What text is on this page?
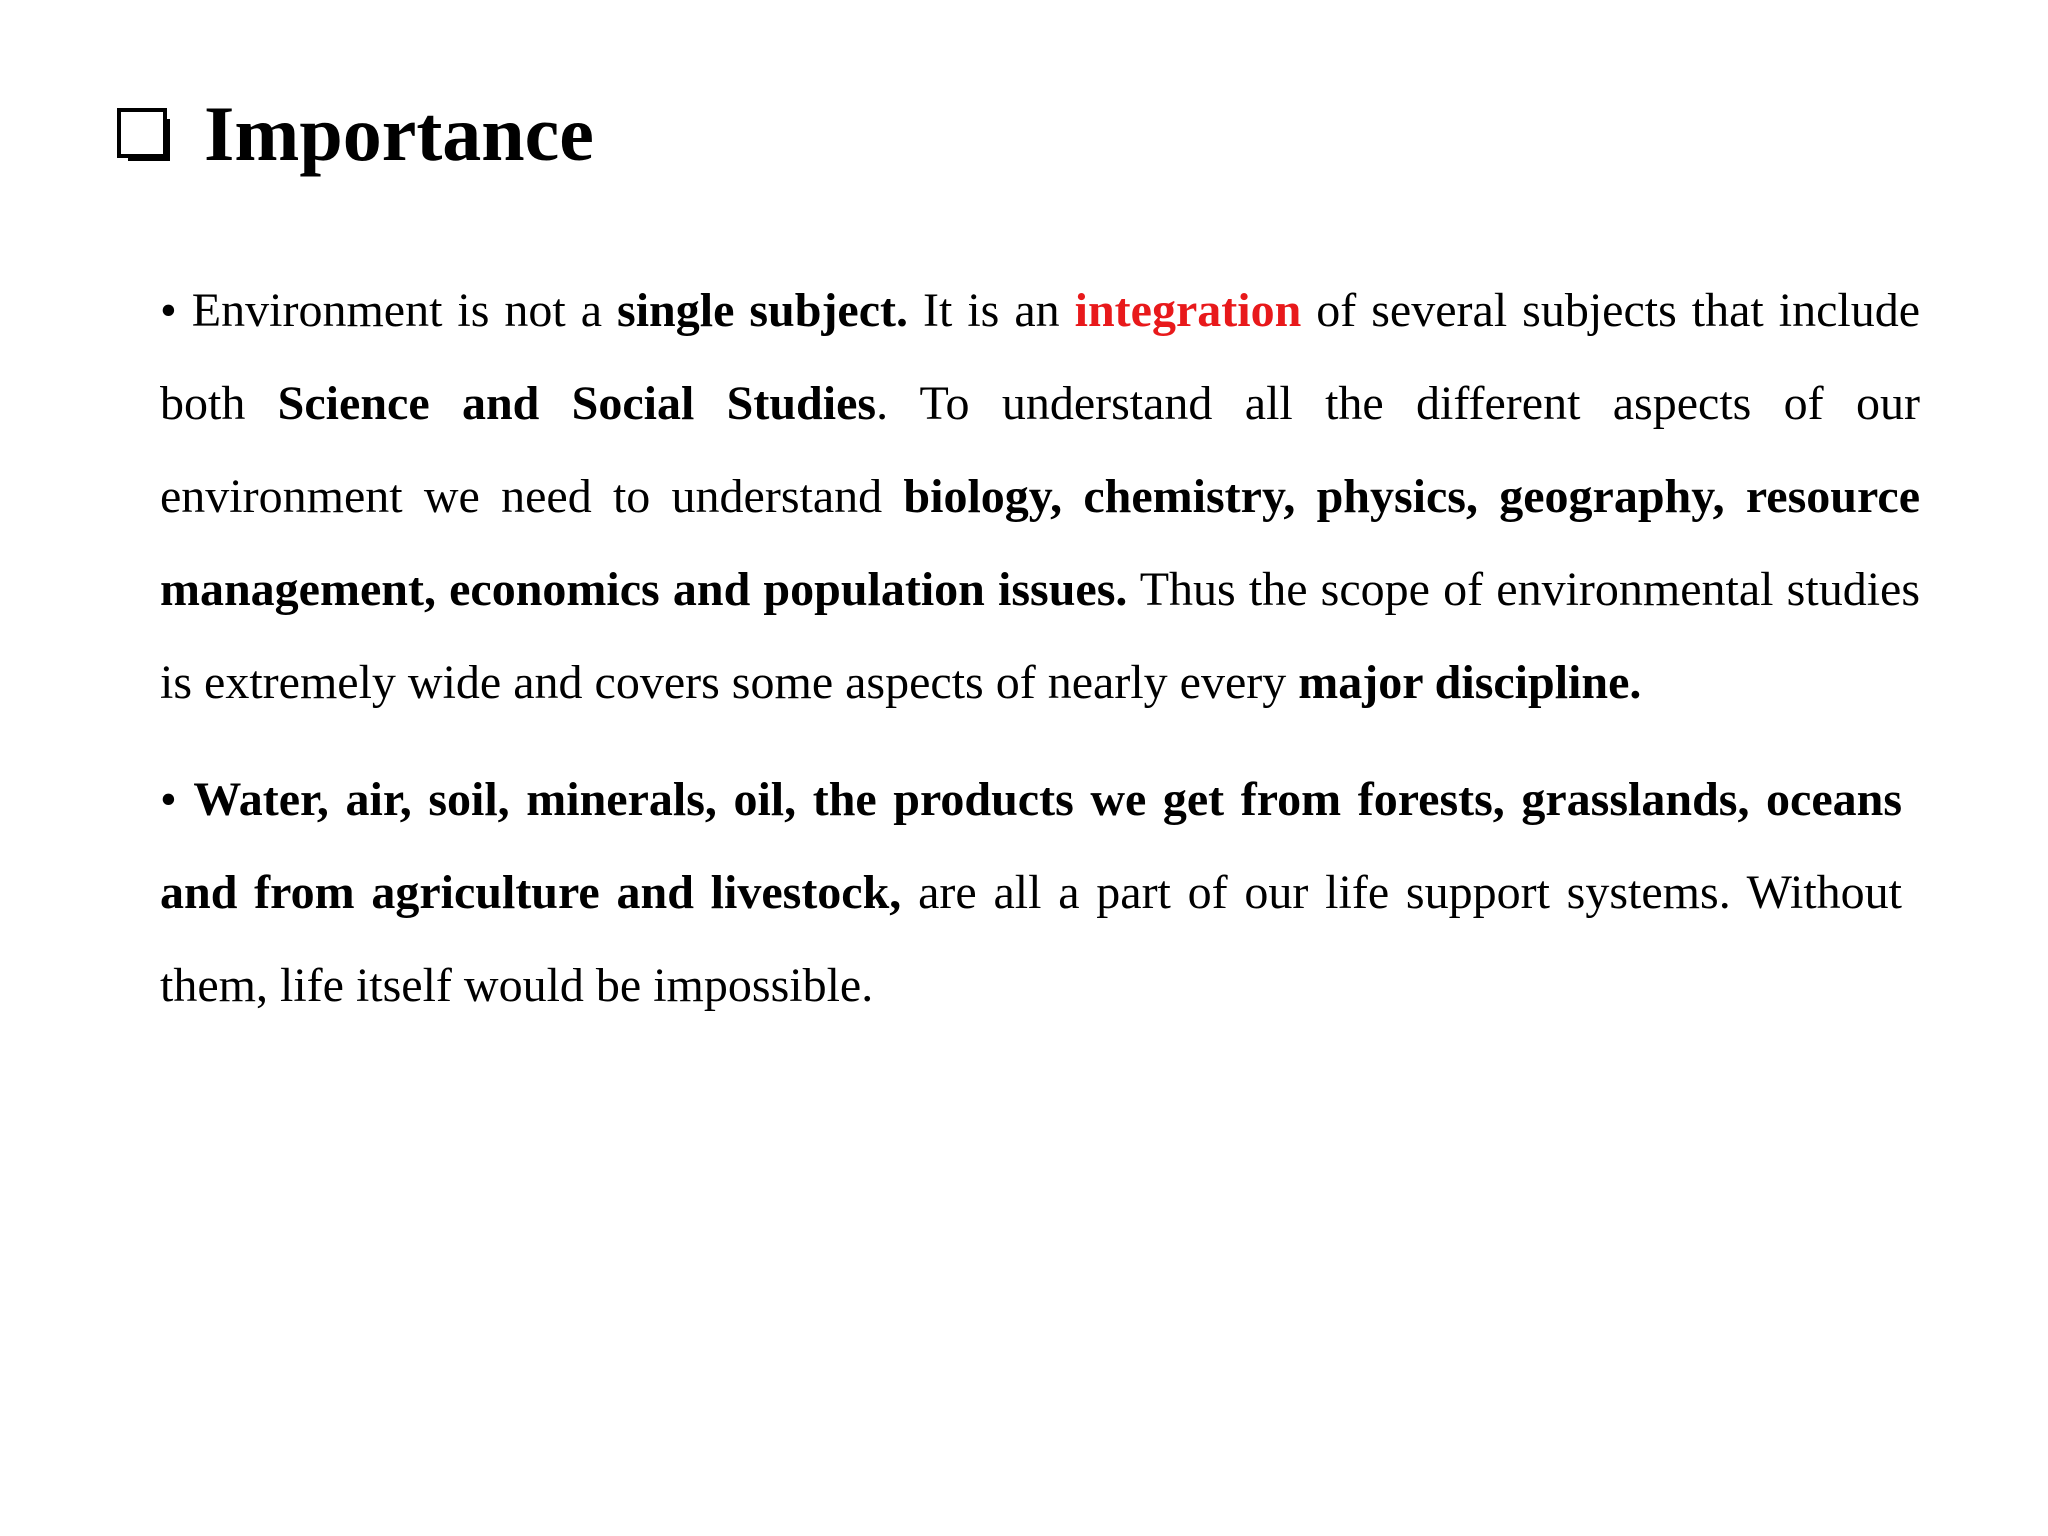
Importance

• Environment is not a single subject. It is an integration of several subjects that include both Science and Social Studies. To understand all the different aspects of our environment we need to understand biology, chemistry, physics, geography, resource management, economics and population issues. Thus the scope of environmental studies is extremely wide and covers some aspects of nearly every major discipline.

• Water, air, soil, minerals, oil, the products we get from forests, grasslands, oceans and from agriculture and livestock, are all a part of our life support systems. Without them, life itself would be impossible.
